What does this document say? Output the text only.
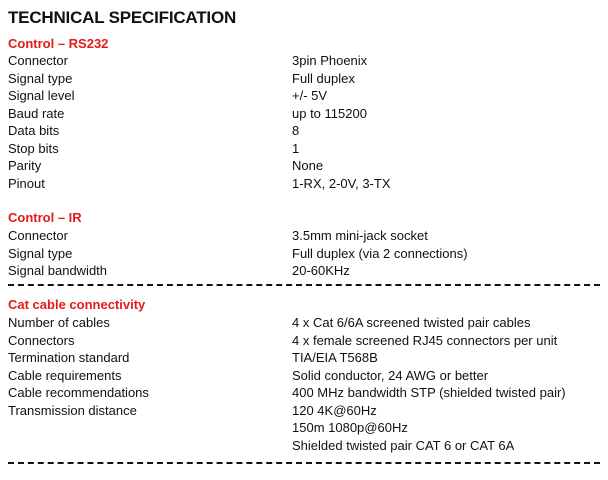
TECHNICAL SPECIFICATION
Control – RS232
Connector	3pin Phoenix
Signal type	Full duplex
Signal level	+/- 5V
Baud rate	up to 115200
Data bits	8
Stop bits	1
Parity	None
Pinout	1-RX, 2-0V, 3-TX
Control – IR
Connector	3.5mm mini-jack socket
Signal type	Full duplex (via 2 connections)
Signal bandwidth	20-60KHz
Cat cable connectivity
Number of cables	4 x Cat 6/6A screened twisted pair cables
Connectors	4 x female screened RJ45 connectors per unit
Termination standard	TIA/EIA T568B
Cable requirements	Solid conductor, 24 AWG or better
Cable recommendations	400 MHz bandwidth STP (shielded twisted pair)
Transmission distance	120 4K@60Hz
150m 1080p@60Hz
Shielded twisted pair CAT 6 or CAT 6A
